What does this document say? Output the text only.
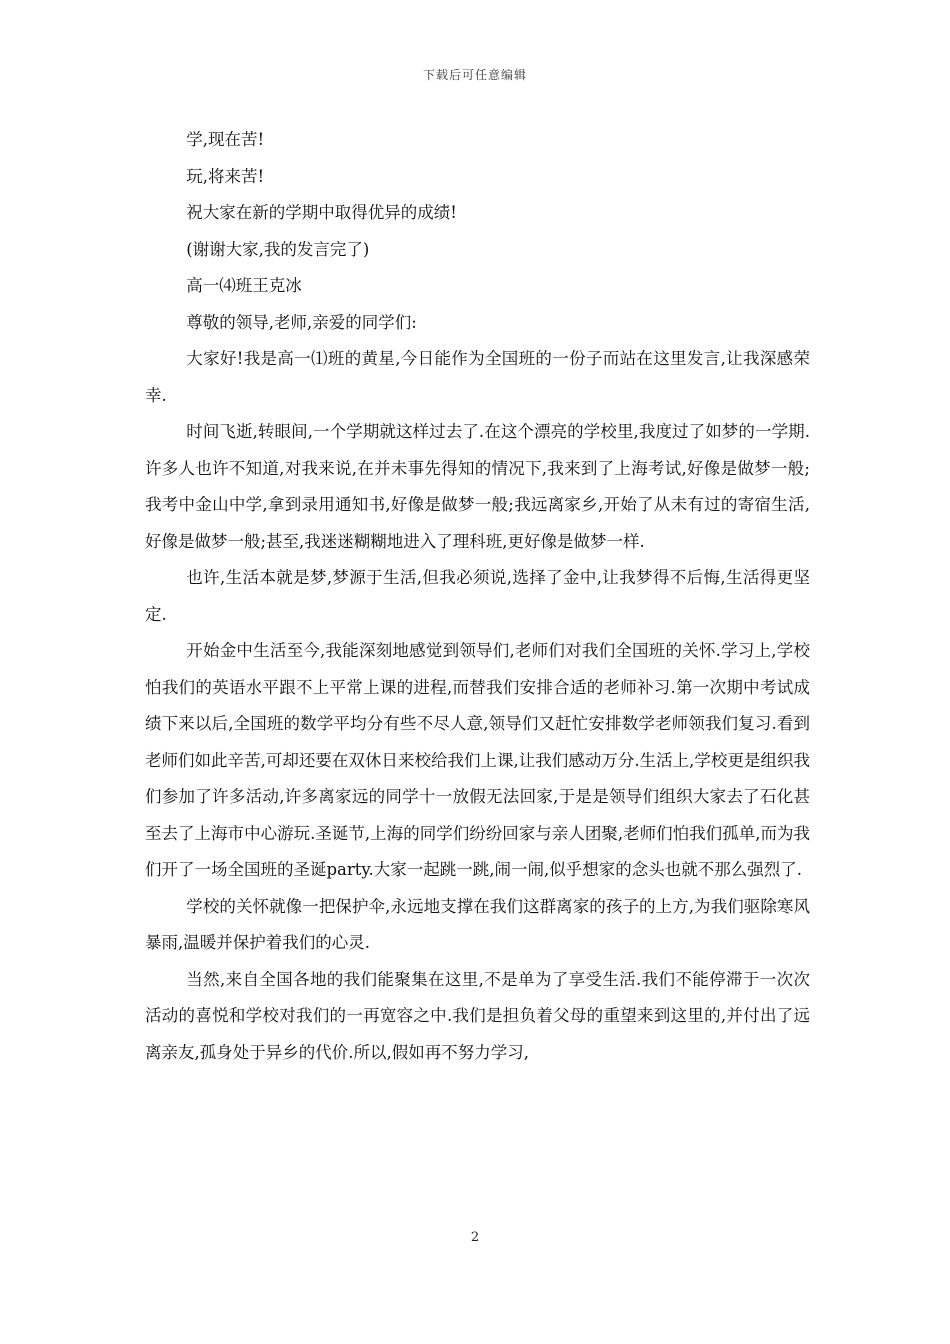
下载后可任意编辑

学,现在苦!

玩,将来苦!

祝大家在新的学期中取得优异的成绩!

(谢谢大家,我的发言完了)

高一⑷班王克冰

尊敬的领导,老师,亲爱的同学们:

大家好!我是高一⑴班的黄星,今日能作为全国班的一份子而站在这里发言,让我深感荣幸.

时间飞逝,转眼间,一个学期就这样过去了.在这个漂亮的学校里,我度过了如梦的一学期.许多人也许不知道,对我来说,在并未事先得知的情况下,我来到了上海考试,好像是做梦一般;我考中金山中学,拿到录用通知书,好像是做梦一般;我远离家乡,开始了从未有过的寄宿生活,好像是做梦一般;甚至,我迷迷糊糊地进入了理科班,更好像是做梦一样.

也许,生活本就是梦,梦源于生活,但我必须说,选择了金中,让我梦得不后悔,生活得更坚定.

开始金中生活至今,我能深刻地感觉到领导们,老师们对我们全国班的关怀.学习上,学校怕我们的英语水平跟不上平常上课的进程,而替我们安排合适的老师补习.第一次期中考试成绩下来以后,全国班的数学平均分有些不尽人意,领导们又赶忙安排数学老师领我们复习.看到老师们如此辛苦,可却还要在双休日来校给我们上课,让我们感动万分.生活上,学校更是组织我们参加了许多活动,许多离家远的同学十一放假无法回家,于是是领导们组织大家去了石化甚至去了上海市中心游玩.圣诞节,上海的同学们纷纷回家与亲人团聚,老师们怕我们孤单,而为我们开了一场全国班的圣诞party.大家一起跳一跳,闹一闹,似乎想家的念头也就不那么强烈了.

学校的关怀就像一把保护伞,永远地支撑在我们这群离家的孩子的上方,为我们驱除寒风暴雨,温暖并保护着我们的心灵.

当然,来自全国各地的我们能聚集在这里,不是单为了享受生活.我们不能停滞于一次次活动的喜悦和学校对我们的一再宽容之中.我们是担负着父母的重望来到这里的,并付出了远离亲友,孤身处于异乡的代价.所以,假如再不努力学习,

2
